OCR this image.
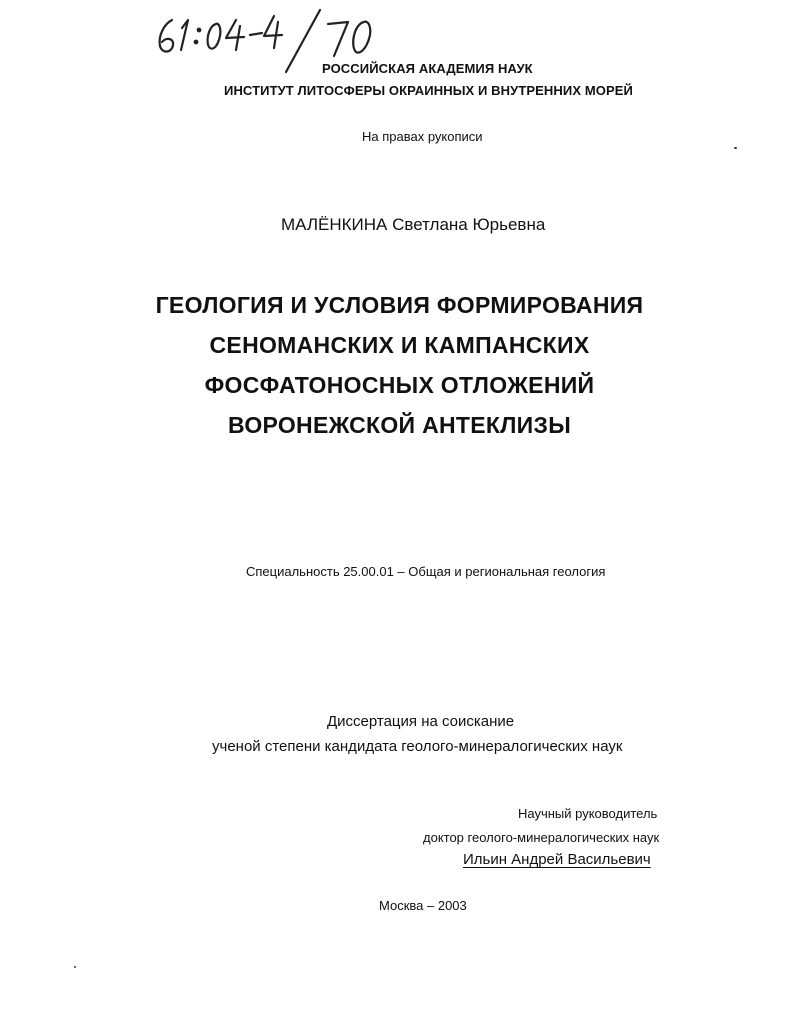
РОССИЙСКАЯ АКАДЕМИЯ НАУК
ИНСТИТУТ ЛИТОСФЕРЫ ОКРАИННЫХ И ВНУТРЕННИХ МОРЕЙ
На правах рукописи
МАЛЁНКИНА Светлана Юрьевна
ГЕОЛОГИЯ И УСЛОВИЯ ФОРМИРОВАНИЯ
СЕНОМАНСКИХ И КАМПАНСКИХ
ФОСФАТОНОСНЫХ ОТЛОЖЕНИЙ
ВОРОНЕЖСКОЙ АНТЕКЛИЗЫ
Специальность 25.00.01 – Общая и региональная геология
Диссертация на соискание
ученой степени кандидата геолого-минералогических наук
Научный руководитель
доктор геолого-минералогических наук
Ильин Андрей Васильевич
Москва – 2003
